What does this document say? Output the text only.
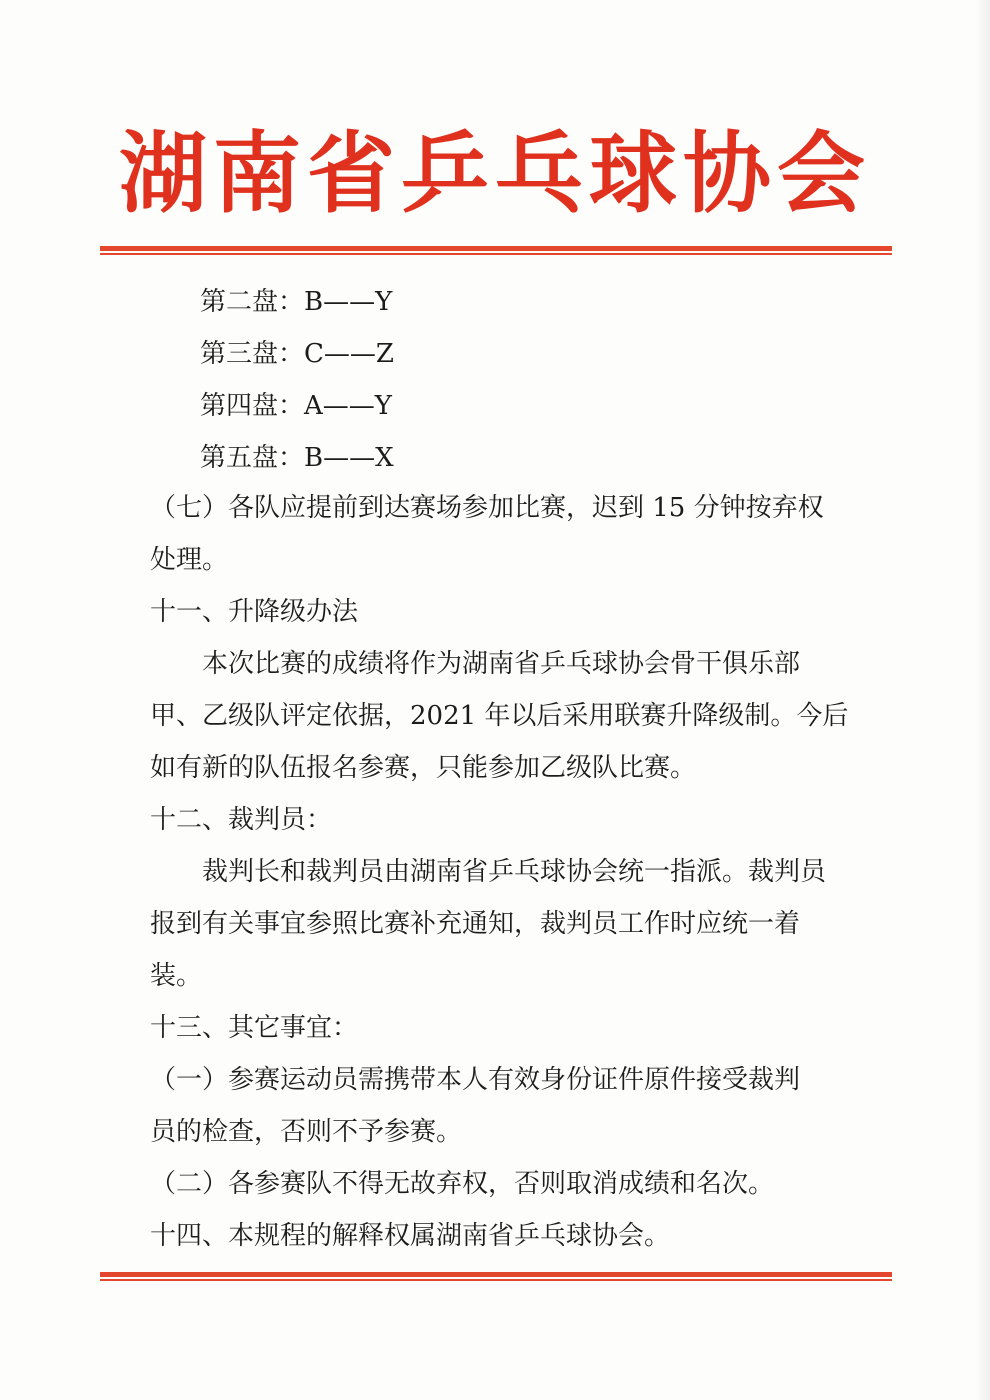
湖南省乒乓球协会
第二盘：B——Y
第三盘：C——Z
第四盘：A——Y
第五盘：B——X
（七）各队应提前到达赛场参加比赛，迟到 15 分钟按弃权
处理。
十一、升降级办法
本次比赛的成绩将作为湖南省乒乓球协会骨干俱乐部
甲、乙级队评定依据，2021 年以后采用联赛升降级制。今后
如有新的队伍报名参赛，只能参加乙级队比赛。
十二、裁判员：
裁判长和裁判员由湖南省乒乓球协会统一指派。裁判员
报到有关事宜参照比赛补充通知，裁判员工作时应统一着
装。
十三、其它事宜：
（一）参赛运动员需携带本人有效身份证件原件接受裁判
员的检查，否则不予参赛。
（二）各参赛队不得无故弃权，否则取消成绩和名次。
十四、本规程的解释权属湖南省乒乓球协会。
